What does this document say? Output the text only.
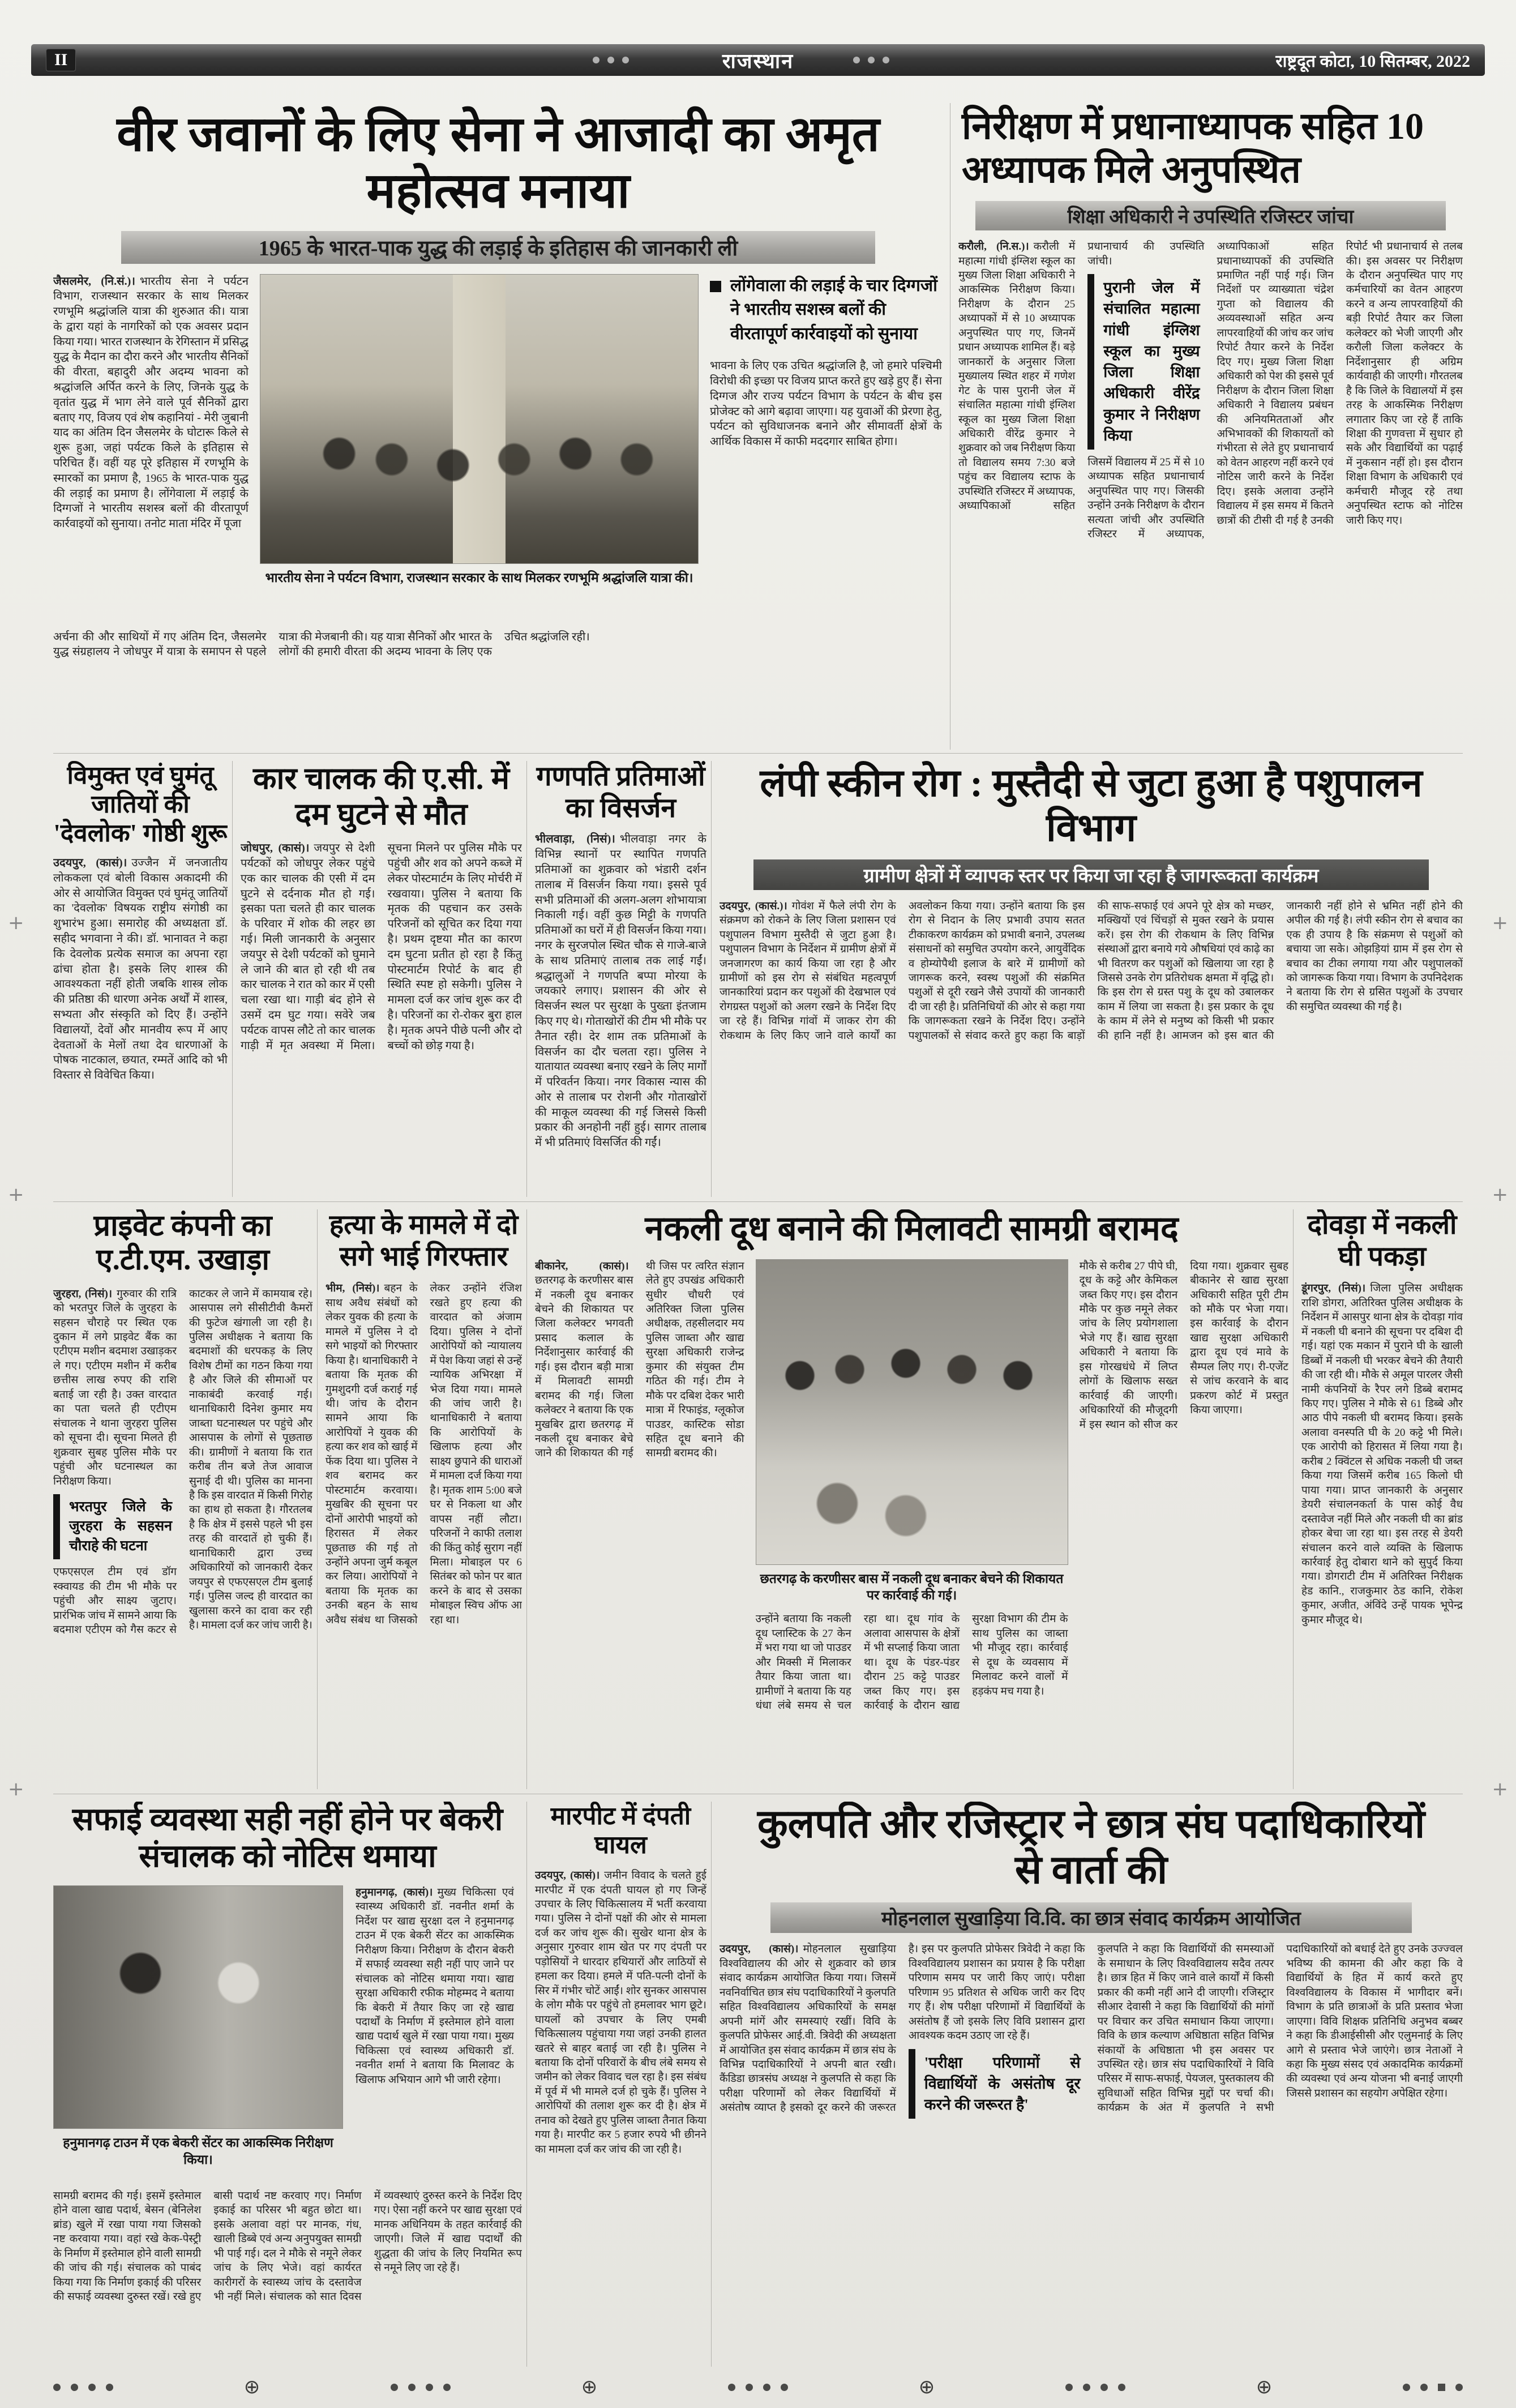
II	राजस्थान	राष्ट्रदूत कोटा, 10 सितम्बर, 2022
+	+
+	+
+	+
वीर जवानों के लिए सेना ने आजादी का अमृत महोत्सव मनाया
1965 के भारत-पाक युद्ध की लड़ाई के इतिहास की जानकारी ली
जैसलमेर, (नि.सं.)। भारतीय सेना ने पर्यटन विभाग, राजस्थान सरकार के साथ मिलकर रणभूमि श्रद्धांजलि यात्रा की शुरुआत की। यात्रा के द्वारा यहां के नागरिकों को एक अवसर प्रदान किया गया। भारत राजस्थान के रेगिस्तान में प्रसिद्ध युद्ध के मैदान का दौरा करने और भारतीय सैनिकों की वीरता, बहादुरी और अदम्य भावना को श्रद्धांजलि अर्पित करने के लिए, जिनके युद्ध के वृतांत युद्ध में भाग लेने वाले पूर्व सैनिकों द्वारा बताए गए, विजय एवं शेष कहानियां - मेरी जुबानी याद का अंतिम दिन जैसलमेर के घोटारू किले से शुरू हुआ, जहां पर्यटक किले के इतिहास से परिचित हैं। वहीं यह पूरे इतिहास में रणभूमि के स्मारकों का प्रमाण है, 1965 के भारत-पाक युद्ध की लड़ाई का प्रमाण है। लोंगेवाला में लड़ाई के दिग्गजों ने भारतीय सशस्त्र बलों की वीरतापूर्ण कार्रवाइयों को सुनाया। तनोट माता मंदिर में पूजा
भारतीय सेना ने पर्यटन विभाग, राजस्थान सरकार के साथ मिलकर रणभूमि श्रद्धांजलि यात्रा की।
लोंगेवाला की लड़ाई के चार दिग्गजों ने भारतीय सशस्त्र बलों की वीरतापूर्ण कार्रवाइयों को सुनाया
भावना के लिए एक उचित श्रद्धांजलि है, जो हमारे पश्चिमी विरोधी की इच्छा पर विजय प्राप्त करते हुए खड़े हुए हैं। सेना दिग्गज और राज्य पर्यटन विभाग के पर्यटन के बीच इस प्रोजेक्ट को आगे बढ़ावा जाएगा। यह युवाओं की प्रेरणा हेतु, पर्यटन को सुविधाजनक बनाने और सीमावर्ती क्षेत्रों के आर्थिक विकास में काफी मददगार साबित होगा।
अर्चना की और साथियों में गए अंतिम दिन, जैसलमेर युद्ध संग्रहालय ने जोधपुर में यात्रा के समापन से पहले यात्रा की मेजबानी की। यह यात्रा सैनिकों और भारत के लोगों की हमारी वीरता की अदम्य भावना के लिए एक उचित श्रद्धांजलि रही।
निरीक्षण में प्रधानाध्यापक सहित 10 अध्यापक मिले अनुपस्थित
शिक्षा अधिकारी ने उपस्थिति रजिस्टर जांचा
करौली, (नि.स.)। करौली में महात्मा गांधी इंग्लिश स्कूल का मुख्य जिला शिक्षा अधिकारी ने आकस्मिक निरीक्षण किया। निरीक्षण के दौरान 25 अध्यापकों में से 10 अध्यापक अनुपस्थित पाए गए, जिनमें प्रधान अध्यापक शामिल हैं। बड़े जानकारों के अनुसार जिला मुख्यालय स्थित शहर में गणेश गेट के पास पुरानी जेल में संचालित महात्मा गांधी इंग्लिश स्कूल का मुख्य जिला शिक्षा अधिकारी वीरेंद्र कुमार ने शुक्रवार को जब निरीक्षण किया तो विद्यालय समय 7:30 बजे पहुंच कर विद्यालय स्टाफ के उपस्थिति रजिस्टर में अध्यापक, अध्यापिकाओं सहित प्रधानाचार्य की उपस्थिति जांची।
पुरानी जेल में संचालित महात्मा गांधी इंग्लिश स्कूल का मुख्य जिला शिक्षा अधिकारी वीरेंद्र कुमार ने निरीक्षण किया
जिसमें विद्यालय में 25 में से 10 अध्यापक सहित प्रधानाचार्य अनुपस्थित पाए गए। जिसकी उन्होंने उनके निरीक्षण के दौरान सत्यता जांची और उपस्थिति रजिस्टर में अध्यापक, अध्यापिकाओं सहित प्रधानाध्यापकों की उपस्थिति प्रमाणित नहीं पाई गई। जिन निर्देशों पर व्याख्याता चंद्रेश गुप्ता को विद्यालय की अव्यवस्थाओं सहित अन्य लापरवाहियों की जांच कर जांच रिपोर्ट तैयार करने के निर्देश दिए गए। मुख्य जिला शिक्षा अधिकारी को पेश की इससे पूर्व निरीक्षण के दौरान जिला शिक्षा अधिकारी ने विद्यालय प्रबंधन की अनियमितताओं और अभिभावकों की शिकायतों को गंभीरता से लेते हुए प्रधानाचार्य को वेतन आहरण नहीं करने एवं नोटिस जारी करने के निर्देश दिए। इसके अलावा उन्होंने विद्यालय में इस समय में कितने छात्रों की टीसी दी गई है उनकी रिपोर्ट भी प्रधानाचार्य से तलब की। इस अवसर पर निरीक्षण के दौरान अनुपस्थित पाए गए कर्मचारियों का वेतन आहरण करने व अन्य लापरवाहियों की बड़ी रिपोर्ट तैयार कर जिला कलेक्टर को भेजी जाएगी और करौली जिला कलेक्टर के निर्देशानुसार ही अग्रिम कार्यवाही की जाएगी। गौरतलब है कि जिले के विद्यालयों में इस तरह के आकस्मिक निरीक्षण लगातार किए जा रहे हैं ताकि शिक्षा की गुणवत्ता में सुधार हो सके और विद्यार्थियों का पढ़ाई में नुकसान नहीं हो। इस दौरान शिक्षा विभाग के अधिकारी एवं कर्मचारी मौजूद रहे तथा अनुपस्थित स्टाफ को नोटिस जारी किए गए।
विमुक्त एवं घुमंतू जातियों की 'देवलोक' गोष्ठी शुरू
उदयपुर, (कासं)। उज्जैन में जनजातीय लोककला एवं बोली विकास अकादमी की ओर से आयोजित विमुक्त एवं घुमंतू जातियों का 'देवलोक' विषयक राष्ट्रीय संगोष्ठी का शुभारंभ हुआ। समारोह की अध्यक्षता डॉ. सहीद भगवाना ने की। डॉ. भानावत ने कहा कि देवलोक प्रत्येक समाज का अपना रहा ढांचा होता है। इसके लिए शास्त्र की आवश्यकता नहीं होती जबकि शास्त्र लोक की प्रतिष्ठा की धारणा अनेक अर्थों में शास्त्र, सभ्यता और संस्कृति को दिए हैं। उन्होंने विद्यालयों, देवों और मानवीय रूप में आए देवताओं के मेलों तथा देव धारणाओं के पोषक नाटकाल, छयात, रम्मतें आदि को भी विस्तार से विवेचित किया।
कार चालक की ए.सी. में दम घुटने से मौत
जोधपुर, (कासं)। जयपुर से देशी पर्यटकों को जोधपुर लेकर पहुंचे एक कार चालक की एसी में दम घुटने से दर्दनाक मौत हो गई। इसका पता चलते ही कार चालक के परिवार में शोक की लहर छा गई। मिली जानकारी के अनुसार जयपुर से देशी पर्यटकों को घुमाने ले जाने की बात हो रही थी तब कार चालक ने रात को कार में एसी चला रखा था। गाड़ी बंद होने से उसमें दम घुट गया। सवेरे जब पर्यटक वापस लौटे तो कार चालक गाड़ी में मृत अवस्था में मिला। सूचना मिलने पर पुलिस मौके पर पहुंची और शव को अपने कब्जे में लेकर पोस्टमार्टम के लिए मोर्चरी में रखवाया। पुलिस ने बताया कि मृतक की पहचान कर उसके परिजनों को सूचित कर दिया गया है। प्रथम दृष्टया मौत का कारण दम घुटना प्रतीत हो रहा है किंतु पोस्टमार्टम रिपोर्ट के बाद ही स्थिति स्पष्ट हो सकेगी। पुलिस ने मामला दर्ज कर जांच शुरू कर दी है। परिजनों का रो-रोकर बुरा हाल है। मृतक अपने पीछे पत्नी और दो बच्चों को छोड़ गया है।
गणपति प्रतिमाओं का विसर्जन
भीलवाड़ा, (निसं)। भीलवाड़ा नगर के विभिन्न स्थानों पर स्थापित गणपति प्रतिमाओं का शुक्रवार को भंडारी दर्शन तालाब में विसर्जन किया गया। इससे पूर्व सभी प्रतिमाओं की अलग-अलग शोभायात्रा निकाली गई। वहीं कुछ मिट्टी के गणपति प्रतिमाओं का घरों में ही विसर्जन किया गया। नगर के सुरजपोल स्थित चौक से गाजे-बाजे के साथ प्रतिमाएं तालाब तक लाई गईं। श्रद्धालुओं ने गणपति बप्पा मोरया के जयकारे लगाए। प्रशासन की ओर से विसर्जन स्थल पर सुरक्षा के पुख्ता इंतजाम किए गए थे। गोताखोरों की टीम भी मौके पर तैनात रही। देर शाम तक प्रतिमाओं के विसर्जन का दौर चलता रहा। पुलिस ने यातायात व्यवस्था बनाए रखने के लिए मार्गों में परिवर्तन किया। नगर विकास न्यास की ओर से तालाब पर रोशनी और गोताखोरों की माकूल व्यवस्था की गई जिससे किसी प्रकार की अनहोनी नहीं हुई। सागर तालाब में भी प्रतिमाएं विसर्जित की गईं।
लंपी स्कीन रोग : मुस्तैदी से जुटा हुआ है पशुपालन विभाग
ग्रामीण क्षेत्रों में व्यापक स्तर पर किया जा रहा है जागरूकता कार्यक्रम
उदयपुर, (कासं.)। गोवंश में फैले लंपी रोग के संक्रमण को रोकने के लिए जिला प्रशासन एवं पशुपालन विभाग मुस्तैदी से जुटा हुआ है। पशुपालन विभाग के निर्देशन में ग्रामीण क्षेत्रों में जनजागरण का कार्य किया जा रहा है और ग्रामीणों को इस रोग से संबंधित महत्वपूर्ण जानकारियां प्रदान कर पशुओं की देखभाल एवं रोगग्रस्त पशुओं को अलग रखने के निर्देश दिए जा रहे हैं। विभिन्न गांवों में जाकर रोग की रोकथाम के लिए किए जाने वाले कार्यों का अवलोकन किया गया। उन्होंने बताया कि इस रोग से निदान के लिए प्रभावी उपाय सतत टीकाकरण कार्यक्रम को प्रभावी बनाने, उपलब्ध संसाधनों को समुचित उपयोग करने, आयुर्वेदिक व होम्योपैथी इलाज के बारे में ग्रामीणों को जागरूक करने, स्वस्थ पशुओं की संक्रमित पशुओं से दूरी रखने जैसे उपायों की जानकारी दी जा रही है। प्रतिनिधियों की ओर से कहा गया कि जागरूकता रखने के निर्देश दिए। उन्होंने पशुपालकों से संवाद करते हुए कहा कि बाड़ों की साफ-सफाई एवं अपने पूरे क्षेत्र को मच्छर, मक्खियों एवं चिंचड़ों से मुक्त रखने के प्रयास करें। इस रोग की रोकथाम के लिए विभिन्न संस्थाओं द्वारा बनाये गये औषधियां एवं काढ़े का भी वितरण कर पशुओं को खिलाया जा रहा है जिससे उनके रोग प्रतिरोधक क्षमता में वृद्धि हो। कि इस रोग से ग्रस्त पशु के दूध को उबालकर काम में लिया जा सकता है। इस प्रकार के दूध के काम में लेने से मनुष्य को किसी भी प्रकार की हानि नहीं है। आमजन को इस बात की जानकारी नहीं होने से भ्रमित नहीं होने की अपील की गई है। लंपी स्कीन रोग से बचाव का एक ही उपाय है कि संक्रमण से पशुओं को बचाया जा सके। ओझड़ियां ग्राम में इस रोग से बचाव का टीका लगाया गया और पशुपालकों को जागरूक किया गया। विभाग के उपनिदेशक ने बताया कि रोग से ग्रसित पशुओं के उपचार की समुचित व्यवस्था की गई है।
प्राइवेट कंपनी का ए.टी.एम. उखाड़ा
जुरहरा, (निसं)। गुरुवार की रात्रि को भरतपुर जिले के जुरहरा के सहसन चौराहे पर स्थित एक दुकान में लगे प्राइवेट बैंक का एटीएम मशीन बदमाश उखाड़कर ले गए। एटीएम मशीन में करीब छत्तीस लाख रुपए की राशि बताई जा रही है। उक्त वारदात का पता चलते ही एटीएम संचालक ने थाना जुरहरा पुलिस को सूचना दी। सूचना मिलते ही शुक्रवार सुबह पुलिस मौके पर पहुंची और घटनास्थल का निरीक्षण किया।
भरतपुर जिले के जुरहरा के सहसन चौराहे की घटना
एफएसएल टीम एवं डॉग स्क्वायड की टीम भी मौके पर पहुंची और साक्ष्य जुटाए। प्रारंभिक जांच में सामने आया कि बदमाश एटीएम को गैस कटर से काटकर ले जाने में कामयाब रहे। आसपास लगे सीसीटीवी कैमरों की फुटेज खंगाली जा रही है। पुलिस अधीक्षक ने बताया कि बदमाशों की धरपकड़ के लिए विशेष टीमों का गठन किया गया है और जिले की सीमाओं पर नाकाबंदी करवाई गई। थानाधिकारी दिनेश कुमार मय जाब्ता घटनास्थल पर पहुंचे और आसपास के लोगों से पूछताछ की। ग्रामीणों ने बताया कि रात करीब तीन बजे तेज आवाज सुनाई दी थी। पुलिस का मानना है कि इस वारदात में किसी गिरोह का हाथ हो सकता है। गौरतलब है कि क्षेत्र में इससे पहले भी इस तरह की वारदातें हो चुकी हैं। थानाधिकारी द्वारा उच्च अधिकारियों को जानकारी देकर जयपुर से एफएसएल टीम बुलाई गई। पुलिस जल्द ही वारदात का खुलासा करने का दावा कर रही है। मामला दर्ज कर जांच जारी है।
हत्या के मामले में दो सगे भाई गिरफ्तार
भीम, (निसं)। बहन के साथ अवैध संबंधों को लेकर युवक की हत्या के मामले में पुलिस ने दो सगे भाइयों को गिरफ्तार किया है। थानाधिकारी ने बताया कि मृतक की गुमशुदगी दर्ज कराई गई थी। जांच के दौरान सामने आया कि आरोपियों ने युवक की हत्या कर शव को खाई में फेंक दिया था। पुलिस ने शव बरामद कर पोस्टमार्टम करवाया। मुखबिर की सूचना पर दोनों आरोपी भाइयों को हिरासत में लेकर पूछताछ की गई तो उन्होंने अपना जुर्म कबूल कर लिया। आरोपियों ने बताया कि मृतक का उनकी बहन के साथ अवैध संबंध था जिसको लेकर उन्होंने रंजिश रखते हुए हत्या की वारदात को अंजाम दिया। पुलिस ने दोनों आरोपियों को न्यायालय में पेश किया जहां से उन्हें न्यायिक अभिरक्षा में भेज दिया गया। मामले की जांच जारी है। थानाधिकारी ने बताया कि आरोपियों के खिलाफ हत्या और साक्ष्य छुपाने की धाराओं में मामला दर्ज किया गया है। मृतक शाम 5:00 बजे घर से निकला था और वापस नहीं लौटा। परिजनों ने काफी तलाश की किंतु कोई सुराग नहीं मिला। मोबाइल पर 6 सितंबर को फोन पर बात करने के बाद से उसका मोबाइल स्विच ऑफ आ रहा था।
नकली दूध बनाने की मिलावटी सामग्री बरामद
बीकानेर, (कासं)।छतरगढ़ के करणीसर बास में नकली दूध बनाकर बेचने की शिकायत पर जिला कलेक्टर भगवती प्रसाद कलाल के निर्देशानुसार कार्रवाई की गई। इस दौरान बड़ी मात्रा में मिलावटी सामग्री बरामद की गई। जिला कलेक्टर ने बताया कि एक मुखबिर द्वारा छतरगढ़ में नकली दूध बनाकर बेचे जाने की शिकायत की गई थी जिस पर त्वरित संज्ञान लेते हुए उपखंड अधिकारी सुधीर चौधरी एवं अतिरिक्त जिला पुलिस अधीक्षक, तहसीलदार मय पुलिस जाब्ता और खाद्य सुरक्षा अधिकारी राजेन्द्र कुमार की संयुक्त टीम गठित की गई। टीम ने मौके पर दबिश देकर भारी मात्रा में रिफाइंड, ग्लूकोज पाउडर, कास्टिक सोडा सहित दूध बनाने की सामग्री बरामद की।
छतरगढ़ के करणीसर बास में नकली दूध बनाकर बेचने की शिकायत पर कार्रवाई की गई।
उन्होंने बताया कि नकली दूध प्लास्टिक के 27 केन में भरा गया था जो पाउडर और मिक्सी में मिलाकर तैयार किया जाता था। ग्रामीणों ने बताया कि यह धंधा लंबे समय से चल रहा था। दूध गांव के अलावा आसपास के क्षेत्रों में भी सप्लाई किया जाता था। दूध के पंडर-पंडर दौरान 25 कट्टे पाउडर जब्त किए गए। इस कार्रवाई के दौरान खाद्य सुरक्षा विभाग की टीम के साथ पुलिस का जाब्ता भी मौजूद रहा। कार्रवाई से दूध के व्यवसाय में मिलावट करने वालों में हड़कंप मच गया है।
मौके से करीब 27 पीपे घी, दूध के कट्टे और केमिकल जब्त किए गए। इस दौरान मौके पर कुछ नमूने लेकर जांच के लिए प्रयोगशाला भेजे गए हैं। खाद्य सुरक्षा अधिकारी ने बताया कि इस गोरखधंधे में लिप्त लोगों के खिलाफ सख्त कार्रवाई की जाएगी। अधिकारियों की मौजूदगी में इस स्थान को सीज कर दिया गया। शुक्रवार सुबह बीकानेर से खाद्य सुरक्षा अधिकारी सहित पूरी टीम को मौके पर भेजा गया। इस कार्रवाई के दौरान खाद्य सुरक्षा अधिकारी द्वारा दूध एवं मावे के सैम्पल लिए गए। री-एजेंट से जांच करवाने के बाद प्रकरण कोर्ट में प्रस्तुत किया जाएगा।
दोवड़ा में नकली घी पकड़ा
डूंगरपुर, (निसं)। जिला पुलिस अधीक्षक राशि डोगरा, अतिरिक्त पुलिस अधीक्षक के निर्देशन में आसपुर थाना क्षेत्र के दोवड़ा गांव में नकली घी बनाने की सूचना पर दबिश दी गई। यहां एक मकान में पुराने घी के खाली डिब्बों में नकली घी भरकर बेचने की तैयारी की जा रही थी। मौके से अमूल पारलर जैसी नामी कंपनियों के रैपर लगे डिब्बे बरामद किए गए। पुलिस ने मौके से 61 डिब्बे और आठ पीपे नकली घी बरामद किया। इसके अलावा वनस्पति घी के 20 कट्टे भी मिले। एक आरोपी को हिरासत में लिया गया है। करीब 2 क्विंटल से अधिक नकली घी जब्त किया गया जिसमें करीब 165 किलो घी पाया गया। प्राप्त जानकारी के अनुसार डेयरी संचालनकर्ता के पास कोई वैध दस्तावेज नहीं मिले और नकली घी का ब्रांड होकर बेचा जा रहा था। इस तरह से डेयरी संचालन करने वाले व्यक्ति के खिलाफ कार्रवाई हेतु दोबारा थाने को सुपुर्द किया गया। डोगराटी टीम में अतिरिक्त निरीक्षक हेड कानि., राजकुमार ठेड कानि, रोकेश कुमार, अजीत, अंविंदे उन्हें पायक भूपेन्द्र कुमार मौजूद थे।
सफाई व्यवस्था सही नहीं होने पर बेकरी संचालक को नोटिस थमाया
हनुमानगढ़ टाउन में एक बेकरी सेंटर का आकस्मिक निरीक्षण किया।
हनुमानगढ़, (कासं)। मुख्य चिकित्सा एवं स्वास्थ्य अधिकारी डॉ. नवनीत शर्मा के निर्देश पर खाद्य सुरक्षा दल ने हनुमानगढ़ टाउन में एक बेकरी सेंटर का आकस्मिक निरीक्षण किया। निरीक्षण के दौरान बेकरी में सफाई व्यवस्था सही नहीं पाए जाने पर संचालक को नोटिस थमाया गया। खाद्य सुरक्षा अधिकारी रफीक मोहम्मद ने बताया कि बेकरी में तैयार किए जा रहे खाद्य पदार्थों के निर्माण में इस्तेमाल होने वाला खाद्य पदार्थ खुले में रखा पाया गया। मुख्य चिकित्सा एवं स्वास्थ्य अधिकारी डॉ. नवनीत शर्मा ने बताया कि मिलावट के खिलाफ अभियान आगे भी जारी रहेगा।
सामग्री बरामद की गई। इसमें इस्तेमाल होने वाला खाद्य पदार्थ, बेसन (बेनिलेश ब्रांड) खुले में रखा पाया गया जिसको नष्ट करवाया गया। वहां रखे केक-पेस्ट्री के निर्माण में इस्तेमाल होने वाली सामग्री की जांच की गई। संचालक को पाबंद किया गया कि निर्माण इकाई की परिसर की सफाई व्यवस्था दुरुस्त रखें। रखे हुए बासी पदार्थ नष्ट करवाए गए। निर्माण इकाई का परिसर भी बहुत छोटा था। इसके अलावा वहां पर मानक, गंध, खाली डिब्बे एवं अन्य अनुपयुक्त सामग्री भी पाई गई। दल ने मौके से नमूने लेकर जांच के लिए भेजे। वहां कार्यरत कारीगरों के स्वास्थ्य जांच के दस्तावेज भी नहीं मिले। संचालक को सात दिवस में व्यवस्थाएं दुरुस्त करने के निर्देश दिए गए। ऐसा नहीं करने पर खाद्य सुरक्षा एवं मानक अधिनियम के तहत कार्रवाई की जाएगी। जिले में खाद्य पदार्थों की शुद्धता की जांच के लिए नियमित रूप से नमूने लिए जा रहे हैं।
मारपीट में दंपती घायल
उदयपुर, (कासं)। जमीन विवाद के चलते हुई मारपीट में एक दंपती घायल हो गए जिन्हें उपचार के लिए चिकित्सालय में भर्ती करवाया गया। पुलिस ने दोनों पक्षों की ओर से मामला दर्ज कर जांच शुरू की। सुखेर थाना क्षेत्र के अनुसार गुरुवार शाम खेत पर गए दंपती पर पड़ोसियों ने धारदार हथियारों और लाठियों से हमला कर दिया। हमले में पति-पत्नी दोनों के सिर में गंभीर चोटें आईं। शोर सुनकर आसपास के लोग मौके पर पहुंचे तो हमलावर भाग छूटे। घायलों को उपचार के लिए एमबी चिकित्सालय पहुंचाया गया जहां उनकी हालत खतरे से बाहर बताई जा रही है। पुलिस ने बताया कि दोनों परिवारों के बीच लंबे समय से जमीन को लेकर विवाद चल रहा है। इस संबंध में पूर्व में भी मामले दर्ज हो चुके हैं। पुलिस ने आरोपियों की तलाश शुरू कर दी है। क्षेत्र में तनाव को देखते हुए पुलिस जाब्ता तैनात किया गया है। मारपीट कर 5 हजार रुपये भी छीनने का मामला दर्ज कर जांच की जा रही है।
कुलपति और रजिस्ट्रार ने छात्र संघ पदाधिकारियों से वार्ता की
मोहनलाल सुखाड़िया वि.वि. का छात्र संवाद कार्यक्रम आयोजित
उदयपुर, (कासं)। मोहनलाल सुखाड़िया विश्वविद्यालय की ओर से शुक्रवार को छात्र संवाद कार्यक्रम आयोजित किया गया। जिसमें नवनिर्वाचित छात्र संघ पदाधिकारियों ने कुलपति सहित विश्वविद्यालय अधिकारियों के समक्ष अपनी मांगें और समस्याएं रखीं। विवि के कुलपति प्रोफेसर आई.वी. त्रिवेदी की अध्यक्षता में आयोजित इस संवाद कार्यक्रम में छात्र संघ के विभिन्न पदाधिकारियों ने अपनी बात रखी। कैंडिडा छात्रसंघ अध्यक्ष ने कुलपति से कहा कि परीक्षा परिणामों को लेकर विद्यार्थियों में असंतोष व्याप्त है इसको दूर करने की जरूरत है। इस पर कुलपति प्रोफेसर त्रिवेदी ने कहा कि विश्वविद्यालय प्रशासन का प्रयास है कि परीक्षा परिणाम समय पर जारी किए जाएं। परीक्षा परिणाम 95 प्रतिशत से अधिक जारी कर दिए गए हैं। शेष परीक्षा परिणामों में विद्यार्थियों के असंतोष हैं जो इसके लिए विवि प्रशासन द्वारा आवश्यक कदम उठाए जा रहे हैं।
'परीक्षा परिणामों से विद्यार्थियों के असंतोष दूर करने की जरूरत है'
कुलपति ने कहा कि विद्यार्थियों की समस्याओं के समाधान के लिए विश्वविद्यालय सदैव तत्पर है। छात्र हित में किए जाने वाले कार्यों में किसी प्रकार की कमी नहीं आने दी जाएगी। रजिस्ट्रार सीआर देवासी ने कहा कि विद्यार्थियों की मांगों पर विचार कर उचित समाधान किया जाएगा। विवि के छात्र कल्याण अधिष्ठाता सहित विभिन्न संकायों के अधिष्ठाता भी इस अवसर पर उपस्थित रहे। छात्र संघ पदाधिकारियों ने विवि परिसर में साफ-सफाई, पेयजल, पुस्तकालय की सुविधाओं सहित विभिन्न मुद्दों पर चर्चा की। कार्यक्रम के अंत में कुलपति ने सभी पदाधिकारियों को बधाई देते हुए उनके उज्ज्वल भविष्य की कामना की और कहा कि वे विद्यार्थियों के हित में कार्य करते हुए विश्वविद्यालय के विकास में भागीदार बनें। विभाग के प्रति छात्राओं के प्रति प्रस्ताव भेजा जाएगा। विवि शिक्षक प्रतिनिधि अनुभव बब्बर ने कहा कि डीआईसीसी और एलुमनाई के लिए आगे से प्रस्ताव भेजे जाएंगे। छात्र नेताओं ने कहा कि मुख्य संसद एवं अकादमिक कार्यक्रमों की व्यवस्था एवं अन्य योजना भी बनाई जाएगी जिससे प्रशासन का सहयोग अपेक्षित रहेगा।
⊕	⊕	⊕	⊕
